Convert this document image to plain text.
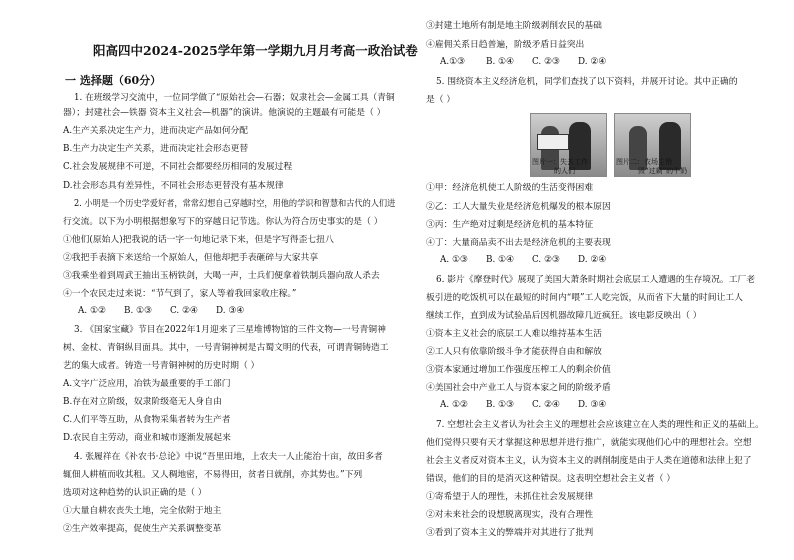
阳高四中2024-2025学年第一学期九月月考高一政治试卷
一 选择题（60分）
1. 在班级学习交流中，一位同学做了“原始社会—石器；奴隶社会—金属工具（青铜
器）；封建社会—铁器 资本主义社会—机器”的演讲。他演说的主题最有可能是（ ）
A.生产关系决定生产力，进而决定产品如何分配
B.生产力决定生产关系，进而决定社会形态更替
C.社会发展规律不可逆，不同社会都要经历相同的发展过程
D.社会形态具有差异性，不同社会形态更替没有基本规律
2. 小明是一个历史学爱好者，常常幻想自己穿越时空，用他的学识和智慧和古代的人们进
行交流。以下为小明根据想象写下的穿越日记节选。你认为符合历史事实的是（ ）
①他们(原始人)把我说的话一字一句地记录下来，但是字写得歪七扭八
②我把手表摘下来送给一个原始人，但他却把手表砸碎与大家共享
③我乘坐着到周武王抽出玉柄铁剑，大喝一声，士兵们便拿着铁制兵器向敌人杀去
④一个农民走过来说：“节气到了，家人等着我回家收庄稼。”
A. ①② B. ①③ C. ②④ D. ③④
3. 《国家宝藏》节目在2022年1月迎来了三星堆博物馆的三件文物—一号青铜神
树、金杖、青铜纵目面具。其中，一号青铜神树是古蜀文明的代表，可谓青铜铸造工
艺的集大成者。铸造一号青铜神树的历史时期（ ）
A.文字广泛应用，冶铁为最重要的手工部门
B.存在对立阶级，奴隶阶级毫无人身自由
C.人们平等互助，从食物采集者转为生产者
D.农民自主劳动，商业和城市逐渐发展起来
4. 张履祥在《补农书·总论》中说“吾里田地，上农夫一人止能治十亩，故田多者
辄佃人耕植而收其租。又人稠地密，不易得田，贫者日就削，亦其势也。”下列
选项对这种趋势的认识正确的是（ ）
①大量自耕农丧失土地，完全依附于地主
②生产效率提高，促使生产关系调整变革
③封建土地所有制是地主阶级剥削农民的基础
④雇佣关系日趋普遍，阶级矛盾日益突出
A.①③ B. ①④ C. ②③ D. ②④
5. 围绕资本主义经济危机，同学们查找了以下资料，并展开讨论。其中正确的
是（ ）
图片一：失去工作
的人们
图片二：农场主销
毁“过剩”的牛奶
①甲：经济危机使工人阶级的生活变得困难
②乙：工人大量失业是经济危机爆发的根本原因
③丙：生产绝对过剩是经济危机的基本特征
④丁：大量商品卖不出去是经济危机的主要表现
A. ①③ B. ①④ C. ②③ D. ②④
6. 影片《摩登时代》展现了美国大萧条时期社会底层工人遭遇的生存境况。工厂老
板引进的吃饭机可以在最短的时间内“喂”工人吃完饭，从而省下大量的时间让工人
继续工作，直到成为试验品后因机器故障几近疯狂。该电影反映出（ ）
①资本主义社会的底层工人难以维持基本生活
②工人只有依靠阶级斗争才能获得自由和解放
③资本家通过增加工作强度压榨工人的剩余价值
④美国社会中产业工人与资本家之间的阶级矛盾
A. ①② B. ①③ C. ②④ D. ③④
7. 空想社会主义者认为社会主义的理想社会应该建立在人类的理性和正义的基础上。
他们觉得只要有天才掌握这种思想并进行推广，就能实现他们心中的理想社会。空想
社会主义者反对资本主义，认为资本主义的剥削制度是由于人类在道德和法律上犯了
错误，他们的目的是消灭这种错误。这表明空想社会主义者（ ）
①寄希望于人的理性，未抓住社会发展规律
②对未来社会的设想脱离现实，没有合理性
③看到了资本主义的弊端并对其进行了批判
